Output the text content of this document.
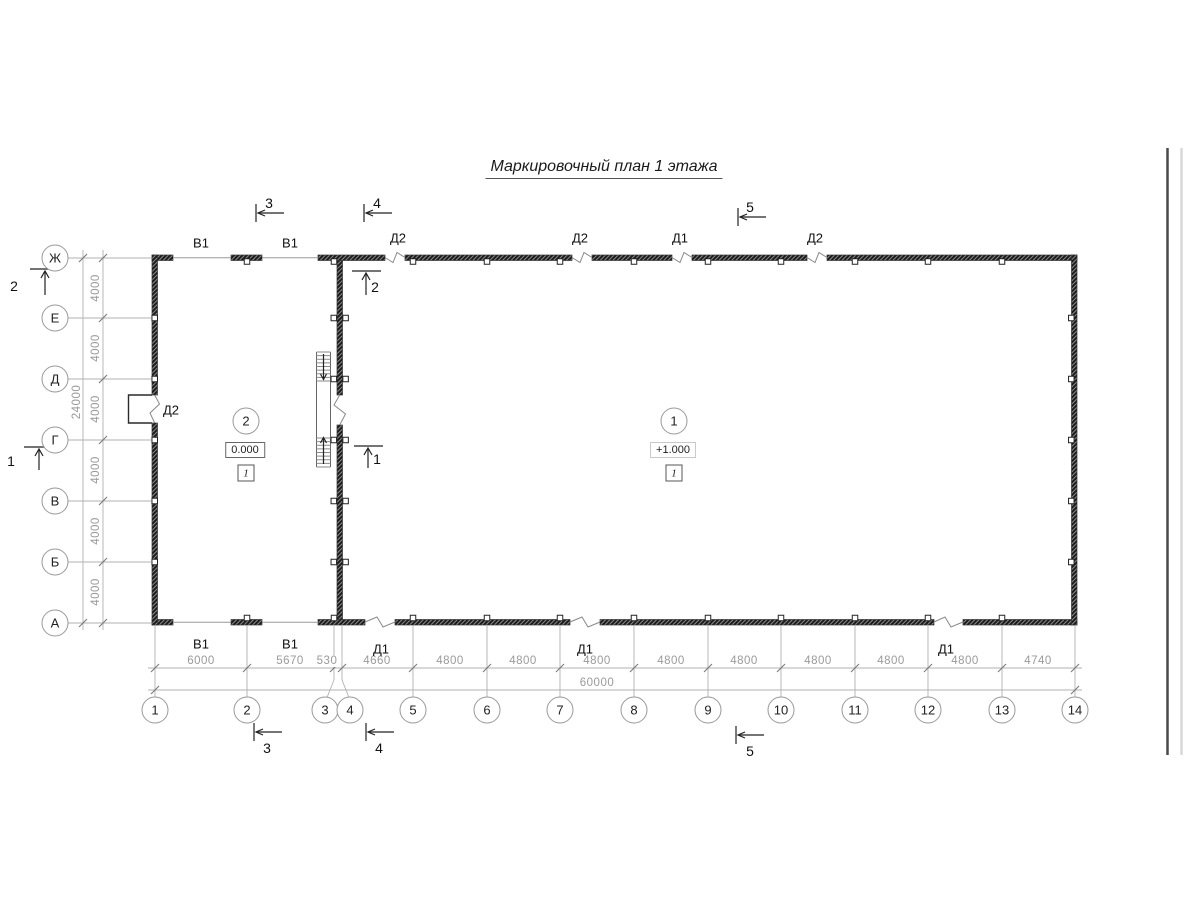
Маркировочный план 1 этажа
Ж
Е
Д
Г
В
Б
А
1	2	3	4	5	6	7	8	9	10	11	12	13	14
6000	5670 530 4660	4800	4800	4800	4800	4800	4800	4800	4800	4740
60000
4000
4000
4000
4000
4000
4000
24000
В1	В1	Д2	Д2	Д1	Д2
В1	В1	Д1	Д1	Д1
Д2
3	4	5
3	4	5
2
1
2
1
2
0.000
1
1
+1.000
1
